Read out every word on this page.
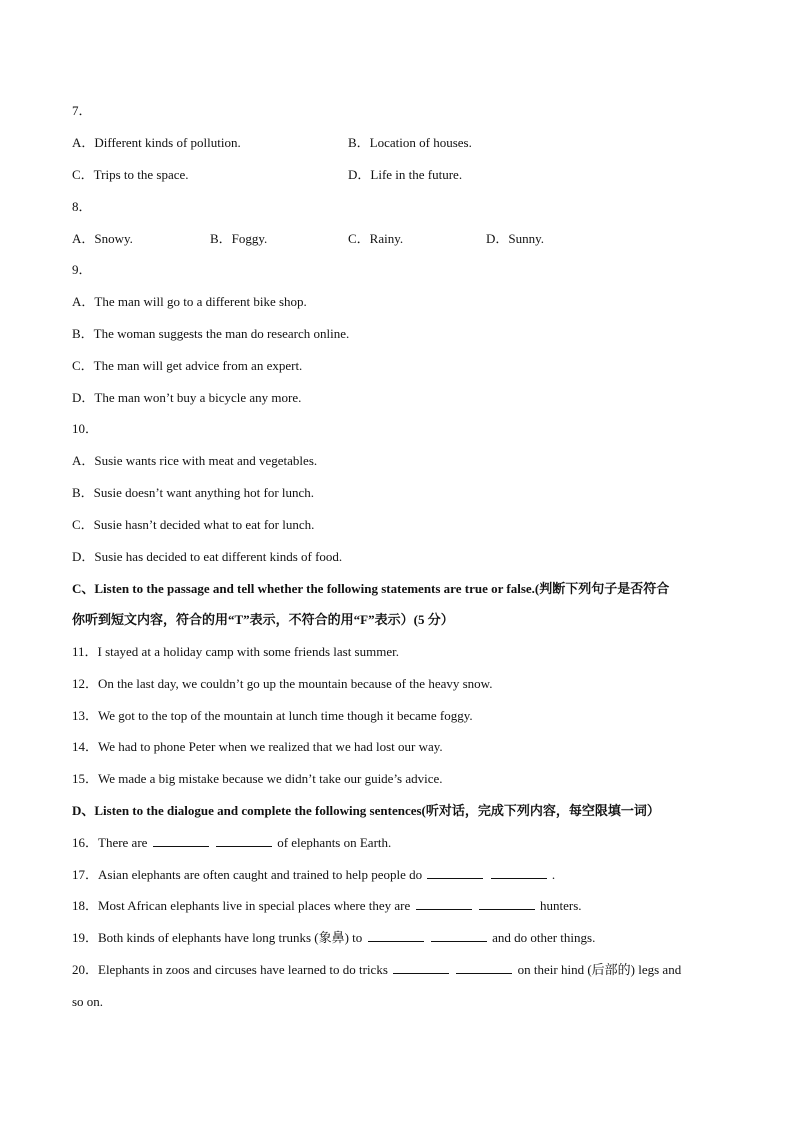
7．
A．Different kinds of pollution.	B．Location of houses.
C．Trips to the space.	D．Life in the future.
8．
A．Snowy.	B．Foggy.	C．Rainy.	D．Sunny.
9．
A．The man will go to a different bike shop.
B．The woman suggests the man do research online.
C．The man will get advice from an expert.
D．The man won’t buy a bicycle any more.
10．
A．Susie wants rice with meat and vegetables.
B．Susie doesn’t want anything hot for lunch.
C．Susie hasn’t decided what to eat for lunch.
D．Susie has decided to eat different kinds of food.
C、Listen to the passage and tell whether the following statements are true or false.(判断下列句子是否符合
你听到短文内容，符合的用“T”表示，不符合的用“F”表示）(5 分）
11．I stayed at a holiday camp with some friends last summer.
12．On the last day, we couldn’t go up the mountain because of the heavy snow.
13．We got to the top of the mountain at lunch time though it became foggy.
14．We had to phone Peter when we realized that we had lost our way.
15．We made a big mistake because we didn’t take our guide’s advice.
D、Listen to the dialogue and complete the following sentences(听对话，完成下列内容，每空限填一词）
16．There are	of elephants on Earth.
17．Asian elephants are often caught and trained to help people do	.
18．Most African elephants live in special places where they are	hunters.
19．Both kinds of elephants have long trunks (象鼻) to	and do other things.
20．Elephants in zoos and circuses have learned to do tricks	on their hind (后部的) legs and
so on.
